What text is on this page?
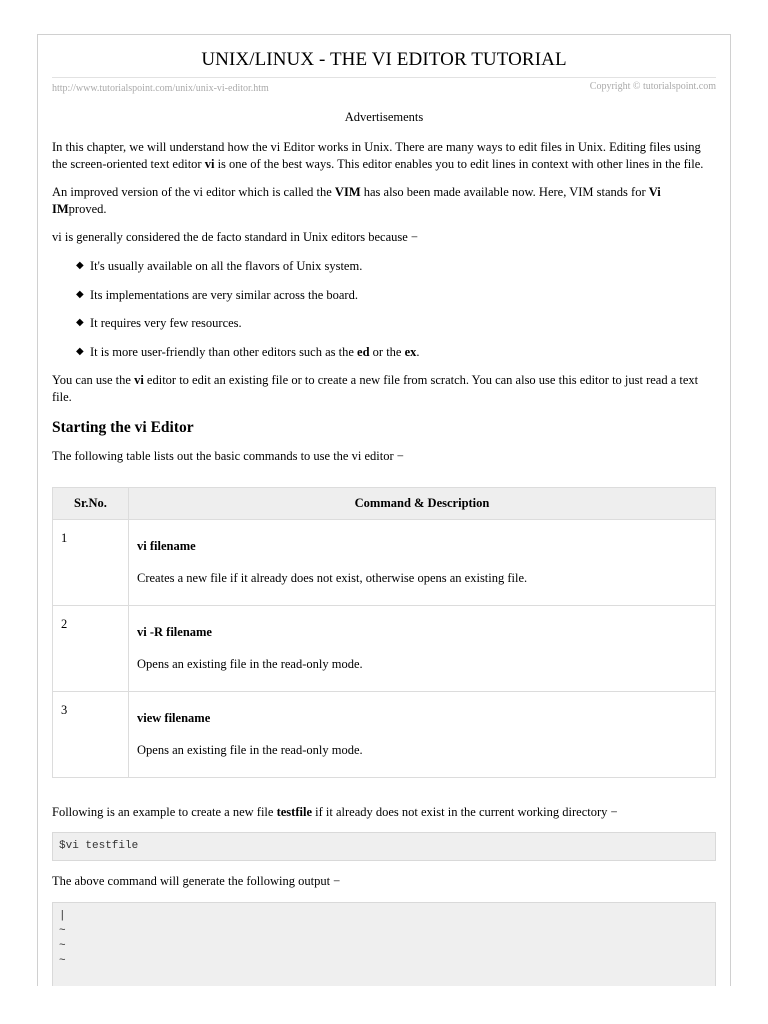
UNIX/LINUX - THE VI EDITOR TUTORIAL
http://www.tutorialspoint.com/unix/unix-vi-editor.htm	Copyright © tutorialspoint.com
Advertisements

In this chapter, we will understand how the vi Editor works in Unix. There are many ways to edit files in Unix. Editing files using the screen-oriented text editor vi is one of the best ways. This editor enables you to edit lines in context with other lines in the file.

An improved version of the vi editor which is called the VIM has also been made available now. Here, VIM stands for Vi IMproved.

vi is generally considered the de facto standard in Unix editors because −

◆ It's usually available on all the flavors of Unix system.
◆ Its implementations are very similar across the board.
◆ It requires very few resources.
◆ It is more user-friendly than other editors such as the ed or the ex.

You can use the vi editor to edit an existing file or to create a new file from scratch. You can also use this editor to just read a text file.

Starting the vi Editor

The following table lists out the basic commands to use the vi editor −

Sr.No.	Command & Description
1	vi filename
Creates a new file if it already does not exist, otherwise opens an existing file.

2	vi -R filename
Opens an existing file in the read-only mode.

3	view filename
Opens an existing file in the read-only mode.

Following is an example to create a new file testfile if it already does not exist in the current working directory −

$vi testfile

The above command will generate the following output −

|
~
~
~
